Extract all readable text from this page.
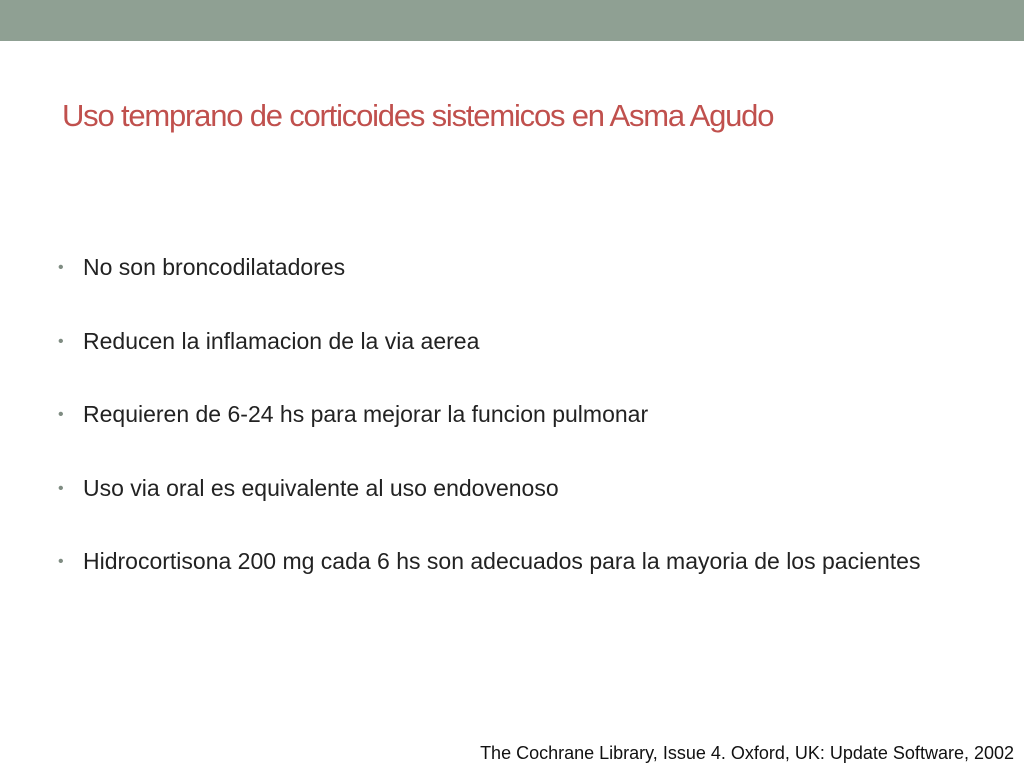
Uso temprano de corticoides sistemicos en Asma Agudo
• No son broncodilatadores
• Reducen la inflamacion de la via aerea
• Requieren de 6-24 hs para mejorar la funcion pulmonar
• Uso via oral es equivalente al uso endovenoso
• Hidrocortisona 200 mg cada 6 hs son adecuados para la mayoria de los pacientes
The Cochrane Library, Issue 4. Oxford, UK: Update Software, 2002
